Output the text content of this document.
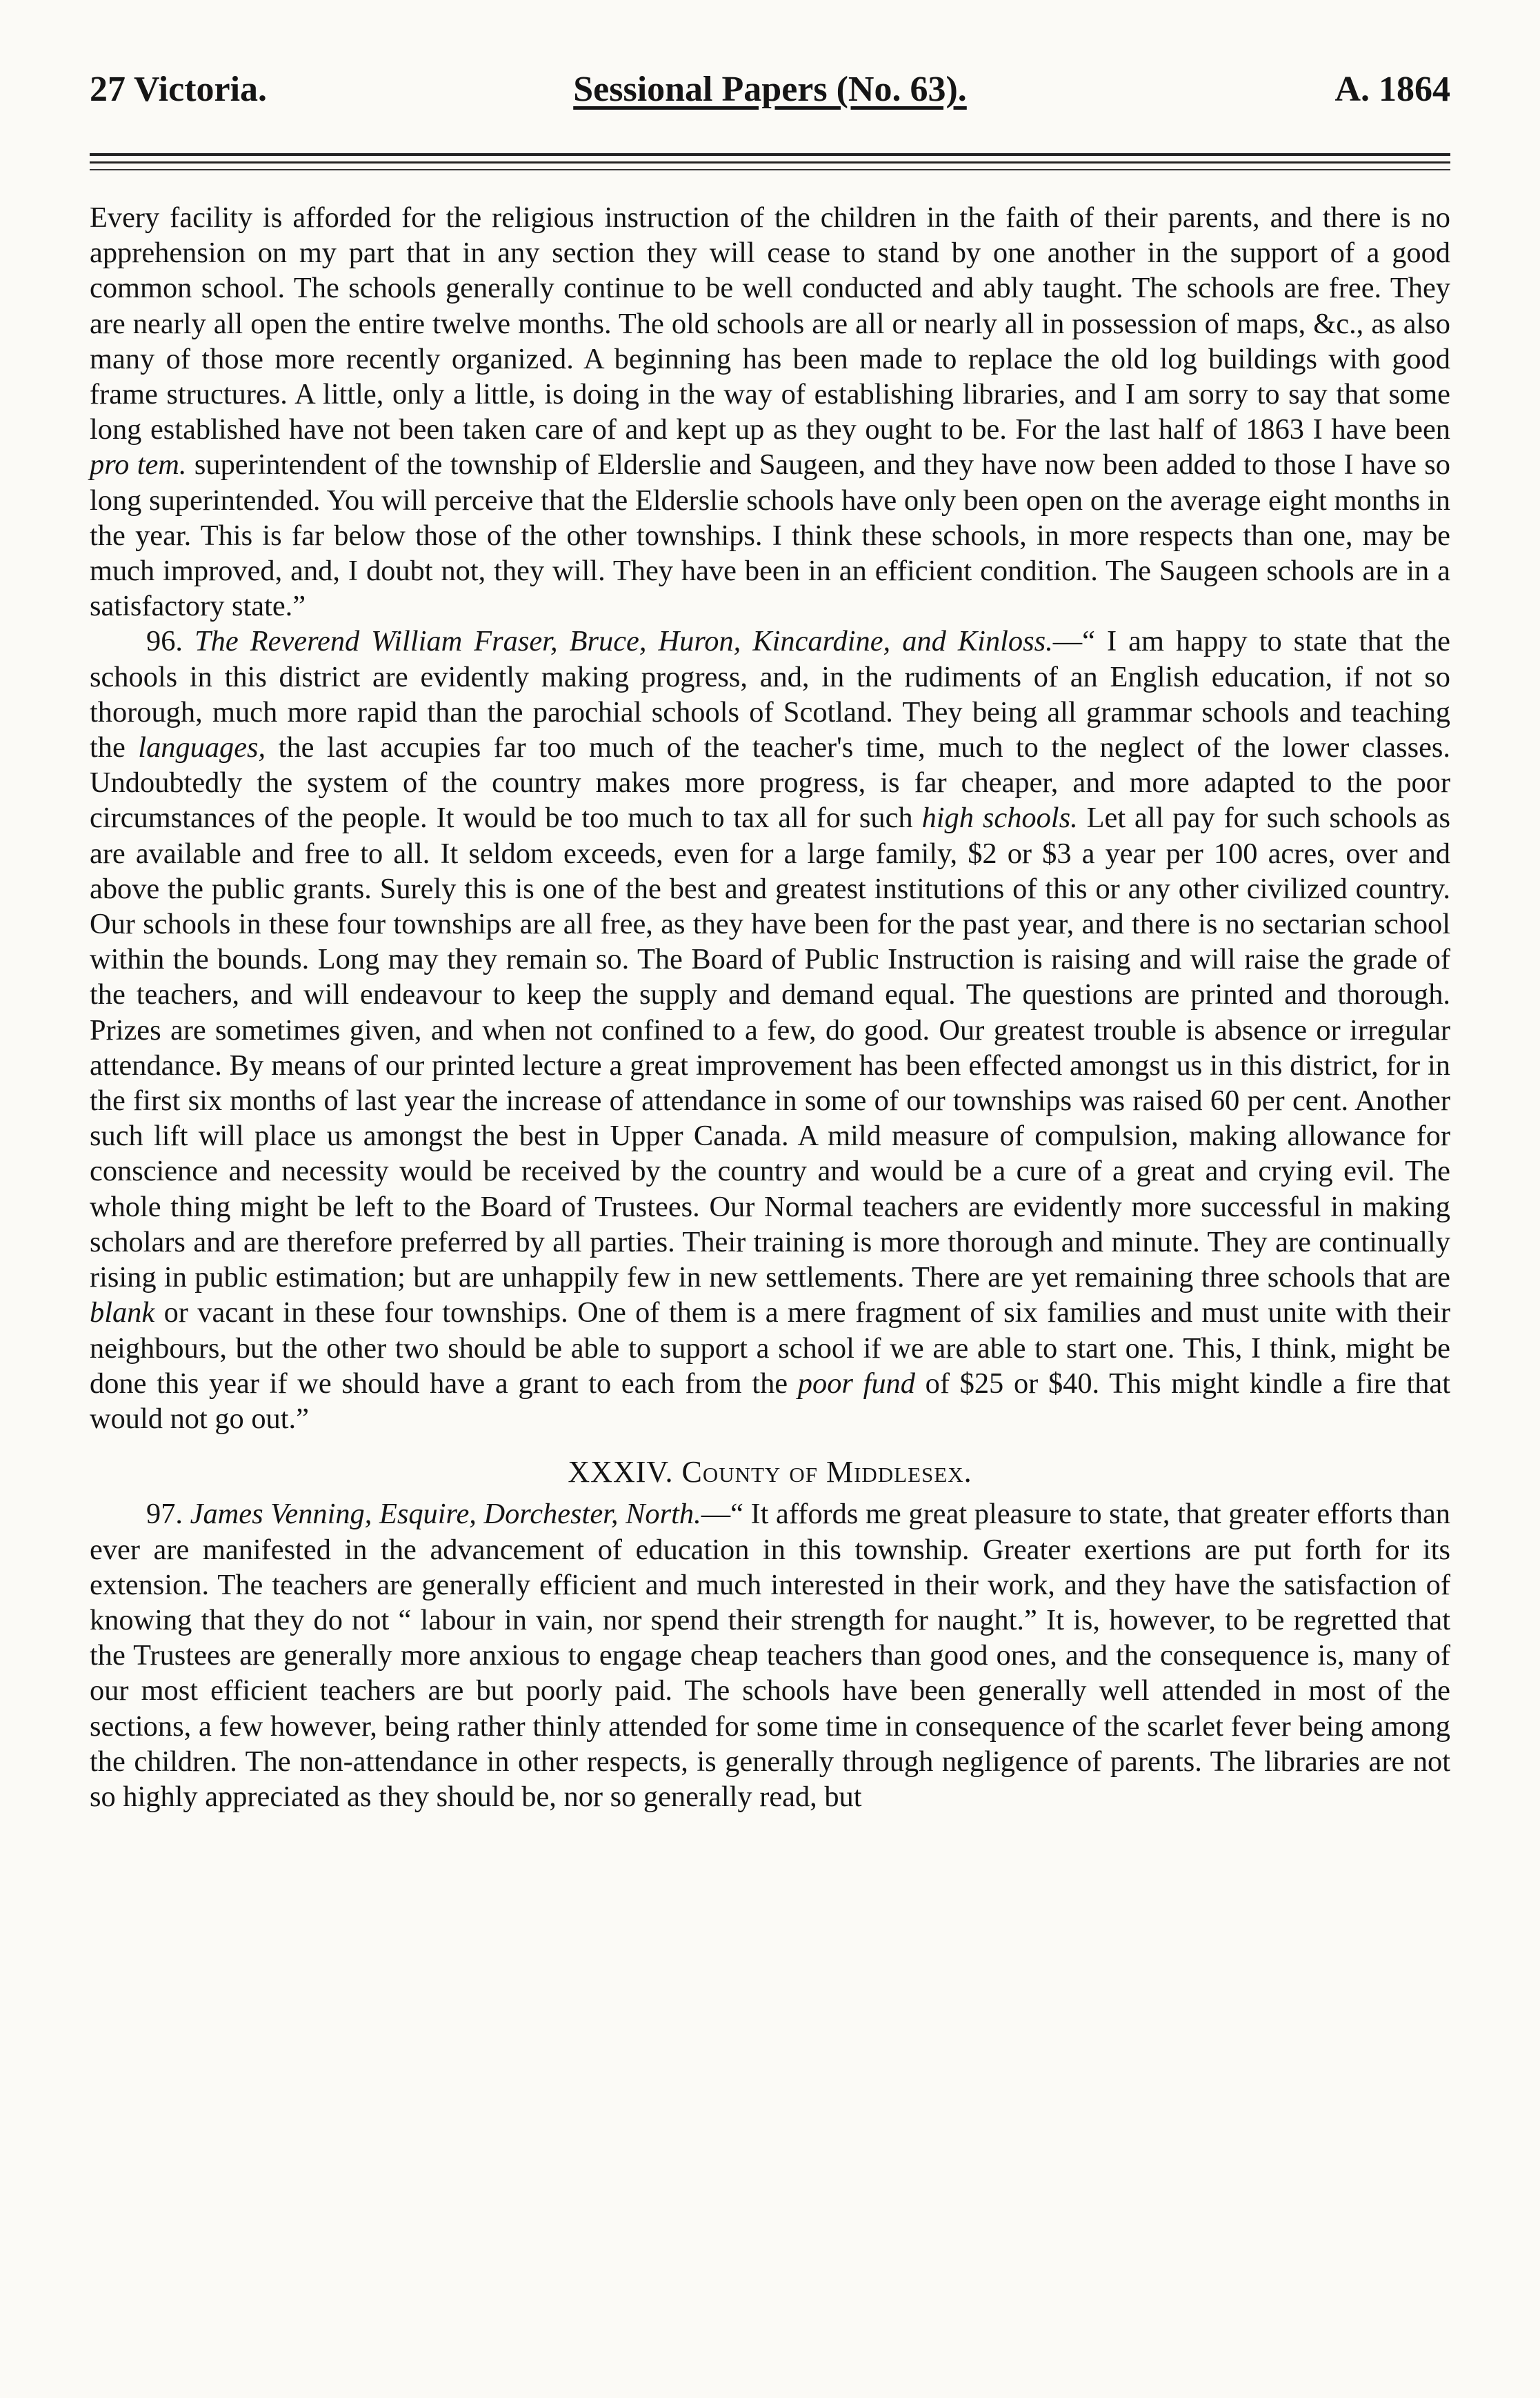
27 Victoria.	Sessional Papers (No. 63).	A. 1864

Every facility is afforded for the religious instruction of the children in the faith of their parents, and there is no apprehension on my part that in any section they will cease to stand by one another in the support of a good common school. The schools generally continue to be well conducted and ably taught. The schools are free. They are nearly all open the entire twelve months. The old schools are all or nearly all in possession of maps, &c., as also many of those more recently organized. A beginning has been made to replace the old log buildings with good frame structures. A little, only a little, is doing in the way of establishing libraries, and I am sorry to say that some long established have not been taken care of and kept up as they ought to be. For the last half of 1863 I have been pro tem. superintendent of the township of Elderslie and Saugeen, and they have now been added to those I have so long superintended. You will perceive that the Elderslie schools have only been open on the average eight months in the year. This is far below those of the other townships. I think these schools, in more respects than one, may be much improved, and, I doubt not, they will. They have been in an efficient condition. The Saugeen schools are in a satisfactory state.”

96. The Reverend William Fraser, Bruce, Huron, Kincardine, and Kinloss.—“ I am happy to state that the schools in this district are evidently making progress, and, in the rudiments of an English education, if not so thorough, much more rapid than the parochial schools of Scotland. They being all grammar schools and teaching the languages, the last accupies far too much of the teacher's time, much to the neglect of the lower classes. Undoubtedly the system of the country makes more progress, is far cheaper, and more adapted to the poor circumstances of the people. It would be too much to tax all for such high schools. Let all pay for such schools as are available and free to all. It seldom exceeds, even for a large family, $2 or $3 a year per 100 acres, over and above the public grants. Surely this is one of the best and greatest institutions of this or any other civilized country. Our schools in these four townships are all free, as they have been for the past year, and there is no sectarian school within the bounds. Long may they remain so. The Board of Public Instruction is raising and will raise the grade of the teachers, and will endeavour to keep the supply and demand equal. The questions are printed and thorough. Prizes are sometimes given, and when not confined to a few, do good. Our greatest trouble is absence or irregular attendance. By means of our printed lecture a great improvement has been effected amongst us in this district, for in the first six months of last year the increase of attendance in some of our townships was raised 60 per cent. Another such lift will place us amongst the best in Upper Canada. A mild measure of compulsion, making allowance for conscience and necessity would be received by the country and would be a cure of a great and crying evil. The whole thing might be left to the Board of Trustees. Our Normal teachers are evidently more successful in making scholars and are therefore preferred by all parties. Their training is more thorough and minute. They are continually rising in public estimation; but are unhappily few in new settlements. There are yet remaining three schools that are blank or vacant in these four townships. One of them is a mere fragment of six families and must unite with their neighbours, but the other two should be able to support a school if we are able to start one. This, I think, might be done this year if we should have a grant to each from the poor fund of $25 or $40. This might kindle a fire that would not go out.”

XXXIV. County of Middlesex.

97. James Venning, Esquire, Dorchester, North.—“ It affords me great pleasure to state, that greater efforts than ever are manifested in the advancement of education in this township. Greater exertions are put forth for its extension. The teachers are generally efficient and much interested in their work, and they have the satisfaction of knowing that they do not “ labour in vain, nor spend their strength for naught.” It is, however, to be regretted that the Trustees are generally more anxious to engage cheap teachers than good ones, and the consequence is, many of our most efficient teachers are but poorly paid. The schools have been generally well attended in most of the sections, a few however, being rather thinly attended for some time in consequence of the scarlet fever being among the children. The non-attendance in other respects, is generally through negligence of parents. The libraries are not so highly appreciated as they should be, nor so generally read, but
